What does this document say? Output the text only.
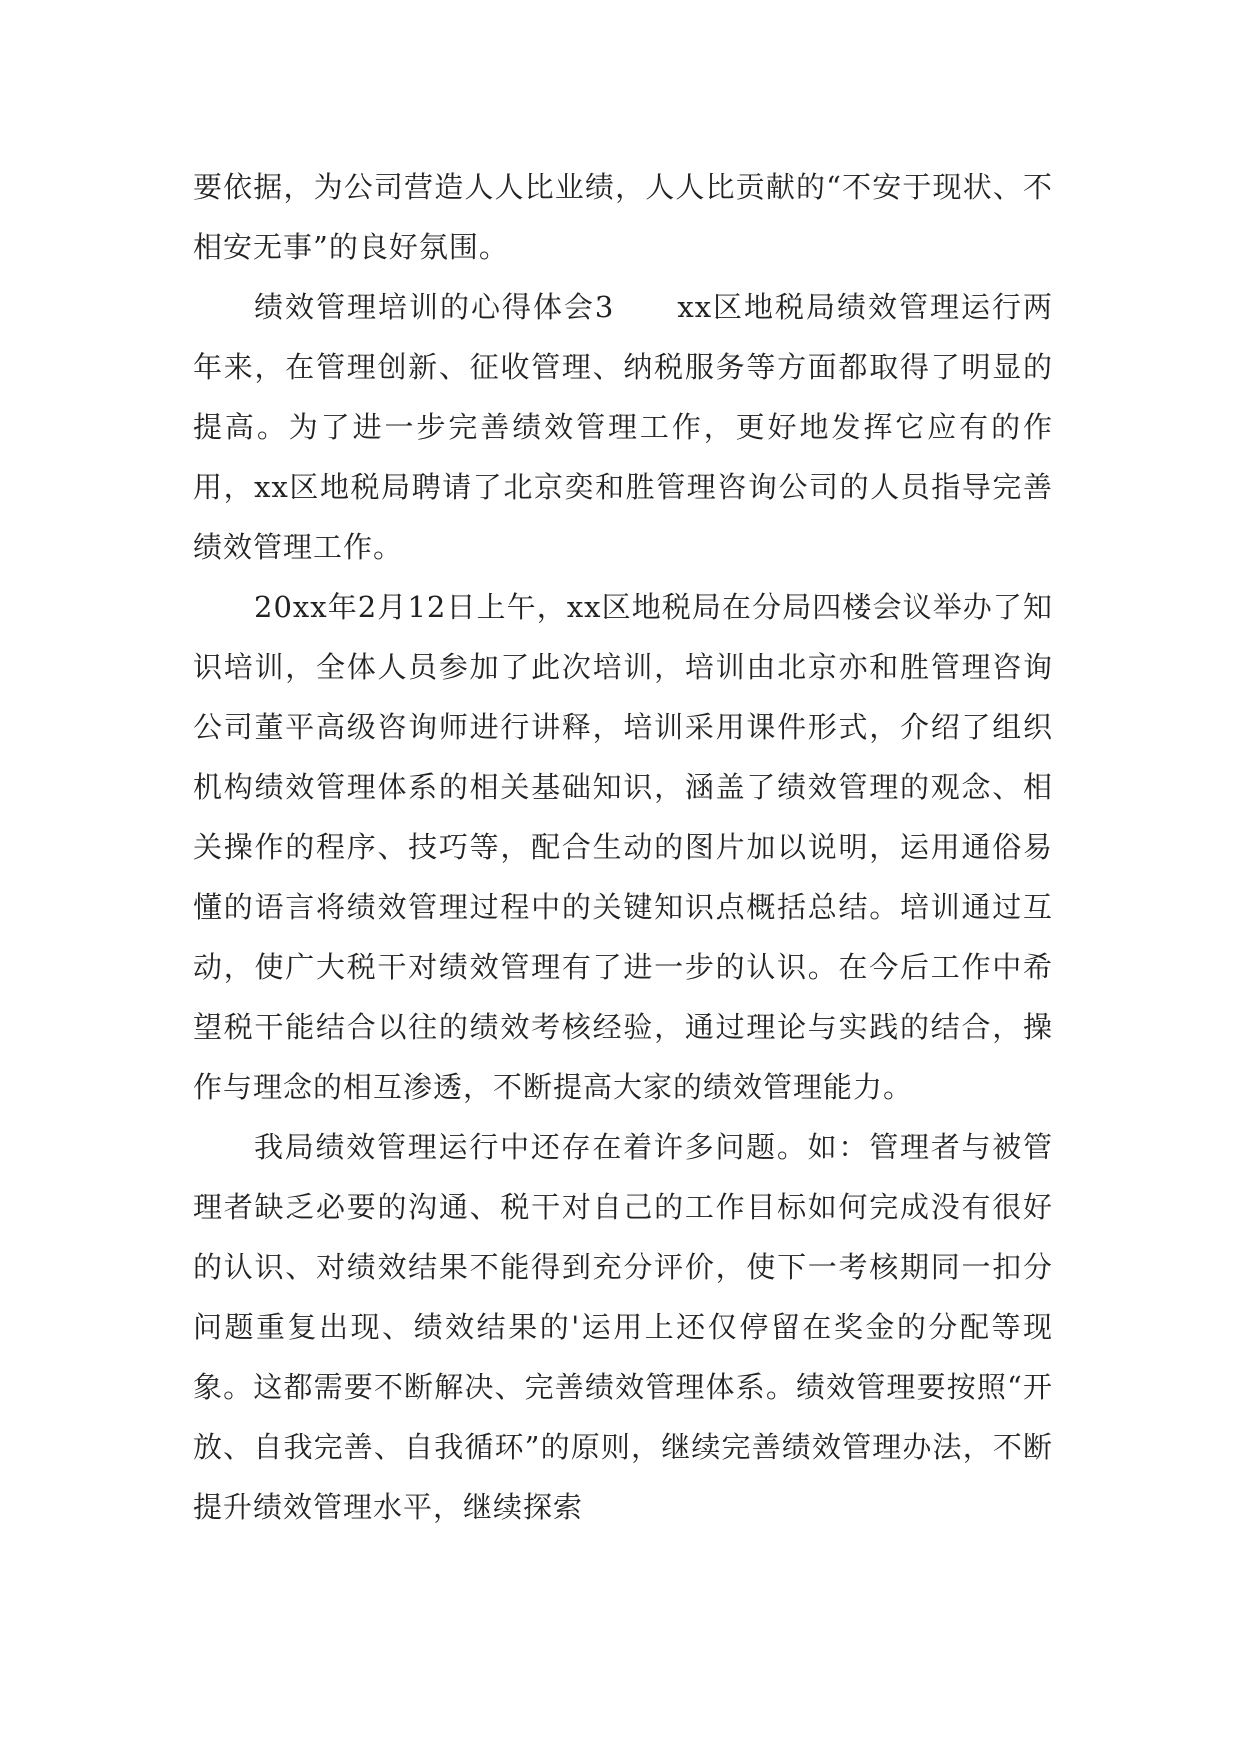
要依据，为公司营造人人比业绩，人人比贡献的“不安于现状、不相安无事”的良好氛围。

绩效管理培训的心得体会3　　xx区地税局绩效管理运行两年来，在管理创新、征收管理、纳税服务等方面都取得了明显的提高。为了进一步完善绩效管理工作，更好地发挥它应有的作用，xx区地税局聘请了北京奕和胜管理咨询公司的人员指导完善绩效管理工作。

20xx年2月12日上午，xx区地税局在分局四楼会议举办了知识培训，全体人员参加了此次培训，培训由北京亦和胜管理咨询公司董平高级咨询师进行讲释，培训采用课件形式，介绍了组织机构绩效管理体系的相关基础知识，涵盖了绩效管理的观念、相关操作的程序、技巧等，配合生动的图片加以说明，运用通俗易懂的语言将绩效管理过程中的关键知识点概括总结。培训通过互动，使广大税干对绩效管理有了进一步的认识。在今后工作中希望税干能结合以往的绩效考核经验，通过理论与实践的结合，操作与理念的相互渗透，不断提高大家的绩效管理能力。

我局绩效管理运行中还存在着许多问题。如：管理者与被管理者缺乏必要的沟通、税干对自己的工作目标如何完成没有很好的认识、对绩效结果不能得到充分评价，使下一考核期同一扣分问题重复出现、绩效结果的'运用上还仅停留在奖金的分配等现象。这都需要不断解决、完善绩效管理体系。绩效管理要按照“开放、自我完善、自我循环”的原则，继续完善绩效管理办法，不断提升绩效管理水平，继续探索
